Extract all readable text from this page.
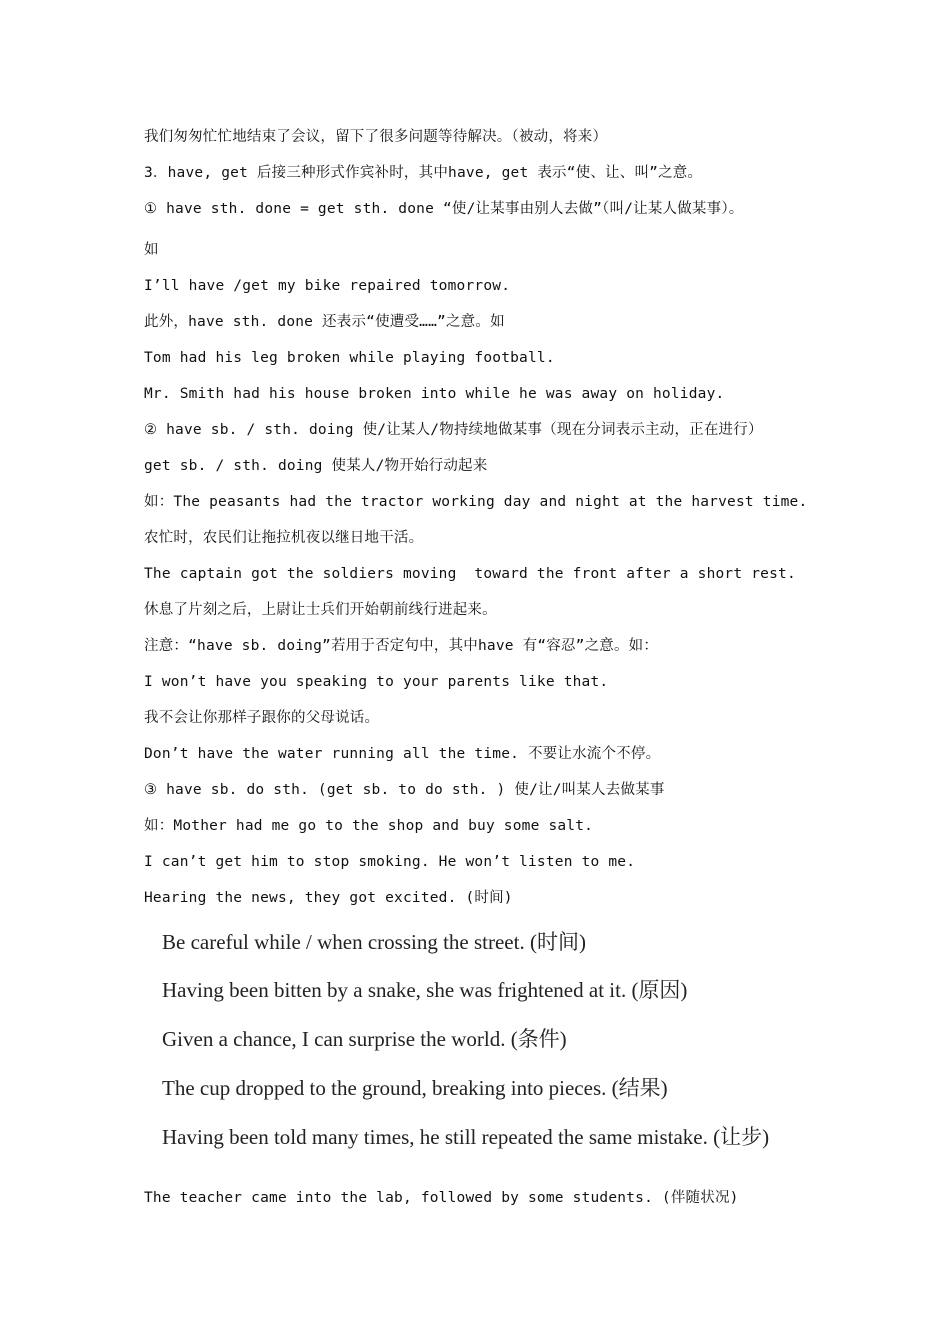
我们匆匆忙忙地结束了会议，留下了很多问题等待解决。（被动，将来）
3．have, get 后接三种形式作宾补时，其中have, get 表示“使、让、叫”之意。
① have sth. done = get sth. done “使/让某事由别人去做”（叫/让某人做某事）。
如
I’ll have /get my bike repaired tomorrow.
此外，have sth. done 还表示“使遭受……”之意。如
Tom had his leg broken while playing football.
Mr. Smith had his house broken into while he was away on holiday.
② have sb. / sth. doing 使/让某人/物持续地做某事（现在分词表示主动，正在进行）
get sb. / sth. doing 使某人/物开始行动起来
如：The peasants had the tractor working day and night at the harvest time.
农忙时，农民们让拖拉机夜以继日地干活。
The captain got the soldiers moving  toward the front after a short rest.
休息了片刻之后，上尉让士兵们开始朝前线行进起来。
注意：“have sb. doing”若用于否定句中，其中have 有“容忍”之意。如：
I won’t have you speaking to your parents like that.
我不会让你那样子跟你的父母说话。
Don’t have the water running all the time. 不要让水流个不停。
③ have sb. do sth. (get sb. to do sth. ) 使/让/叫某人去做某事
如：Mother had me go to the shop and buy some salt.
I can’t get him to stop smoking. He won’t listen to me.
Hearing the news, they got excited. (时间)
Be careful while / when crossing the street. (时间)
Having been bitten by a snake, she was frightened at it. (原因)
Given a chance, I can surprise the world. (条件)
The cup dropped to the ground, breaking into pieces. (结果)
Having been told many times, he still repeated the same mistake. (让步)
The teacher came into the lab, followed by some students. (伴随状况)
